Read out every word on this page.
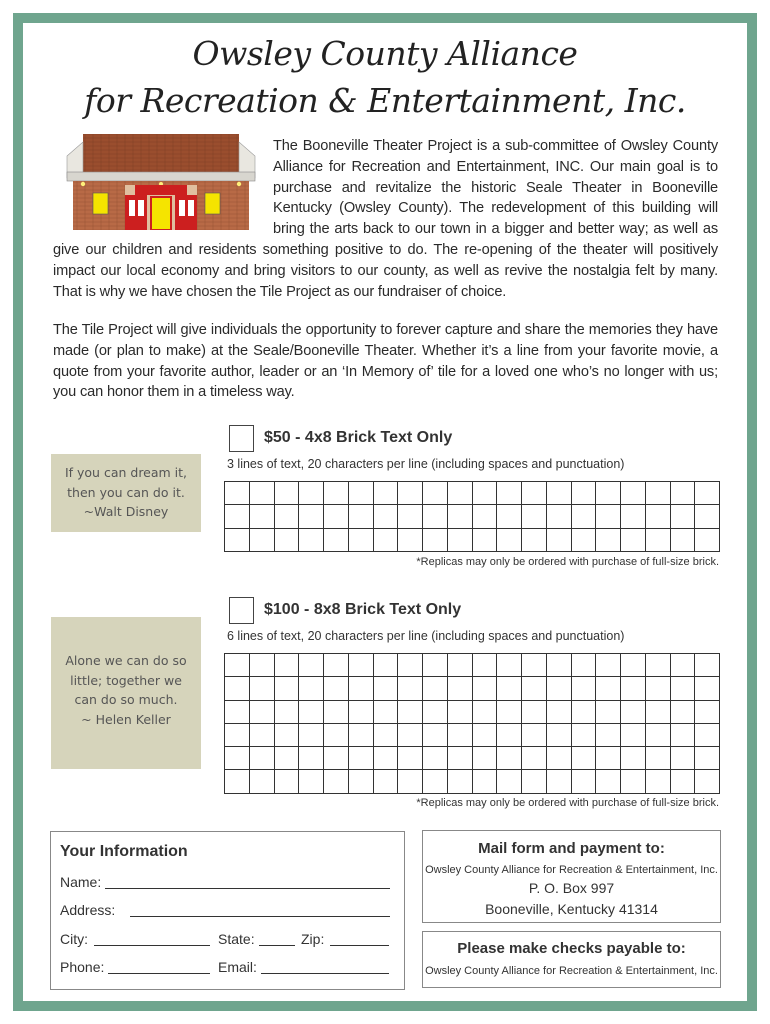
Owsley County Alliance
for Recreation & Entertainment, Inc.
The Booneville Theater Project is a sub-committee of Owsley County Alliance for Recreation and Entertainment, INC. Our main goal is to purchase and revitalize the historic Seale Theater in Booneville Kentucky (Owsley County). The redevelopment of this building will bring the arts back to our town in a bigger and better way; as well as give our children and residents something positive to do. The re-opening of the theater will positively impact our local economy and bring visitors to our county, as well as revive the nostalgia felt by many. That is why we have chosen the Tile Project as our fundraiser of choice.
The Tile Project will give individuals the opportunity to forever capture and share the memories they have made (or plan to make) at the Seale/Booneville Theater. Whether it’s a line from your favorite movie, a quote from your favorite author, leader or an ‘In Memory of’ tile for a loved one who’s no longer with us; you can honor them in a timeless way.
$50 - 4x8 Brick Text Only
3 lines of text, 20 characters per line (including spaces and punctuation)

*Replicas may only be ordered with purchase of full-size brick.
If you can dream it,
then you can do it.
~Walt Disney
$100 - 8x8 Brick Text Only
6 lines of text, 20 characters per line (including spaces and punctuation)

*Replicas may only be ordered with purchase of full-size brick.
Alone we can do so
little; together we
can do so much.
~ Helen Keller
Your Information
Name:
Address:
City:	State:	Zip:
Phone:	Email:
Mail form and payment to:
Owsley County Alliance for Recreation & Entertainment, Inc.
P. O. Box 997
Booneville, Kentucky 41314
Please make checks payable to:
Owsley County Alliance for Recreation & Entertainment, Inc.
